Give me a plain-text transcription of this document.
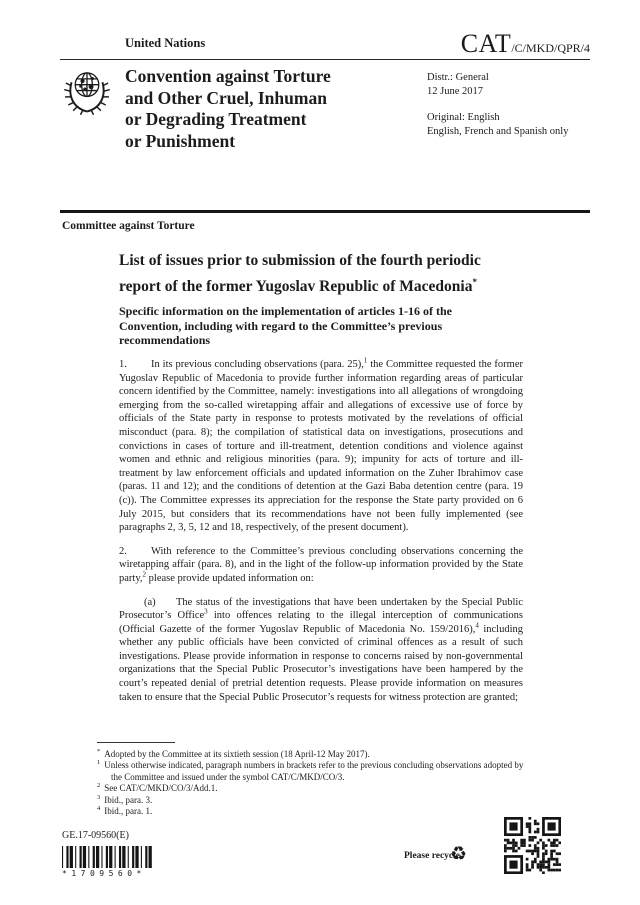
United Nations	CAT/C/MKD/QPR/4
Convention against Torture
and Other Cruel, Inhuman
or Degrading Treatment
or Punishment
Distr.: General
12 June 2017
Original: English
English, French and Spanish only
Committee against Torture
List of issues prior to submission of the fourth periodic
report of the former Yugoslav Republic of Macedonia*
Specific information on the implementation of articles 1-16 of the Convention, including with regard to the Committee’s previous recommendations

1. In its previous concluding observations (para. 25),$^1$ the Committee requested the former Yugoslav Republic of Macedonia to provide further information regarding areas of particular concern identified by the Committee, namely: investigations into all allegations of wrongdoing emerging from the so-called wiretapping affair and allegations of excessive use of force by officials of the State party in response to protests motivated by the revelations of official misconduct (para. 8); the compilation of statistical data on investigations, prosecutions and convictions in cases of torture and ill-treatment, detention conditions and violence against women and ethnic and religious minorities (para. 9); impunity for acts of torture and ill-treatment by law enforcement officials and updated information on the Zuher Ibrahimov case (paras. 11 and 12); and the conditions of detention at the Gazi Baba detention centre (para. 19 (c)). The Committee expresses its appreciation for the response the State party provided on 6 July 2015, but considers that its recommendations have not been fully implemented (see paragraphs 2, 3, 5, 12 and 18, respectively, of the present document).

2. With reference to the Committee’s previous concluding observations concerning the wiretapping affair (para. 8), and in the light of the follow-up information provided by the State party,$^2$ please provide updated information on:

(a) The status of the investigations that have been undertaken by the Special Public Prosecutor’s Office$^3$ into offences relating to the illegal interception of communications (Official Gazette of the former Yugoslav Republic of Macedonia No. 159/2016),$^4$ including whether any public officials have been convicted of criminal offences as a result of such investigations. Please provide information in response to concerns raised by non-governmental organizations that the Special Public Prosecutor’s investigations have been hampered by the court’s repeated denial of pretrial detention requests. Please provide information on measures taken to ensure that the Special Public Prosecutor’s requests for witness protection are granted;

* Adopted by the Committee at its sixtieth session (18 April-12 May 2017).
$^1$ Unless otherwise indicated, paragraph numbers in brackets refer to the previous concluding observations adopted by the Committee and issued under the symbol CAT/C/MKD/CO/3.
$^2$ See CAT/C/MKD/CO/3/Add.1.
$^3$ Ibid., para. 3.
$^4$ Ibid., para. 1.
GE.17-09560(E)
*1709560*
Please recycle
♻
